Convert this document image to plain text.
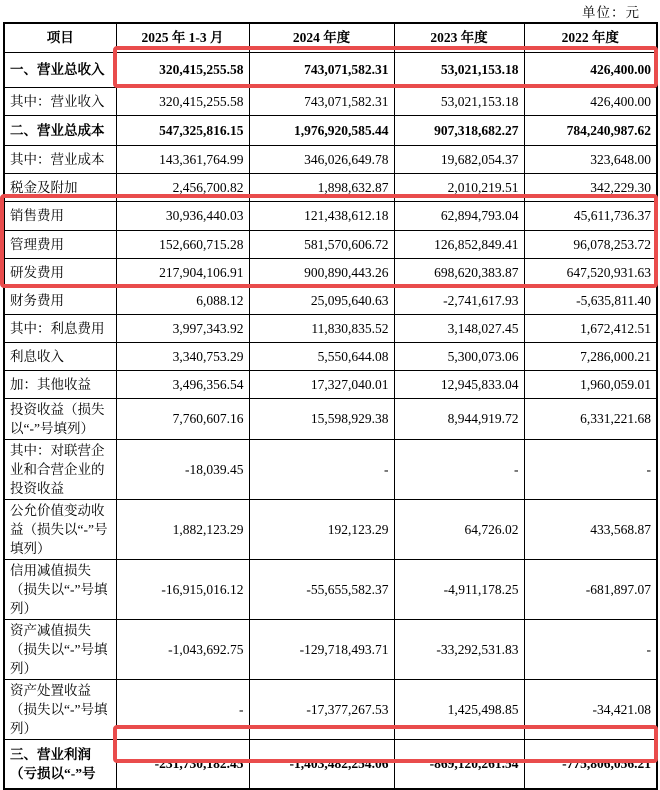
单位：元
项目	2025 年 1-3 月	2024 年度	2023 年度	2022 年度
一、营业总收入	320,415,255.58	743,071,582.31	53,021,153.18	426,400.00
其中：营业收入	320,415,255.58	743,071,582.31	53,021,153.18	426,400.00
二、营业总成本	547,325,816.15	1,976,920,585.44	907,318,682.27	784,240,987.62
其中：营业成本	143,361,764.99	346,026,649.78	19,682,054.37	323,648.00
税金及附加	2,456,700.82	1,898,632.87	2,010,219.51	342,229.30
销售费用	30,936,440.03	121,438,612.18	62,894,793.04	45,611,736.37
管理费用	152,660,715.28	581,570,606.72	126,852,849.41	96,078,253.72
研发费用	217,904,106.91	900,890,443.26	698,620,383.87	647,520,931.63
财务费用	6,088.12	25,095,640.63	-2,741,617.93	-5,635,811.40
其中：利息费用	3,997,343.92	11,830,835.52	3,148,027.45	1,672,412.51
利息收入	3,340,753.29	5,550,644.08	5,300,073.06	7,286,000.21
加：其他收益	3,496,356.54	17,327,040.01	12,945,833.04	1,960,059.01
投资收益（损失以“-”号填列）	7,760,607.16	15,598,929.38	8,944,919.72	6,331,221.68
其中：对联营企业和合营企业的投资收益	-18,039.45	-	-	-
公允价值变动收益（损失以“-”号填列）	1,882,123.29	192,123.29	64,726.02	433,568.87
信用减值损失（损失以“-”号填列）	-16,915,016.12	-55,655,582.37	-4,911,178.25	-681,897.07
资产减值损失（损失以“-”号填列）	-1,043,692.75	-129,718,493.71	-33,292,531.83	-
资产处置收益（损失以“-”号填列）	-	-17,377,267.53	1,425,498.85	-34,421.08
三、营业利润（亏损以“-”号	-231,730,182.45	-1,403,482,254.06	-869,120,261.54	-775,806,056.21
